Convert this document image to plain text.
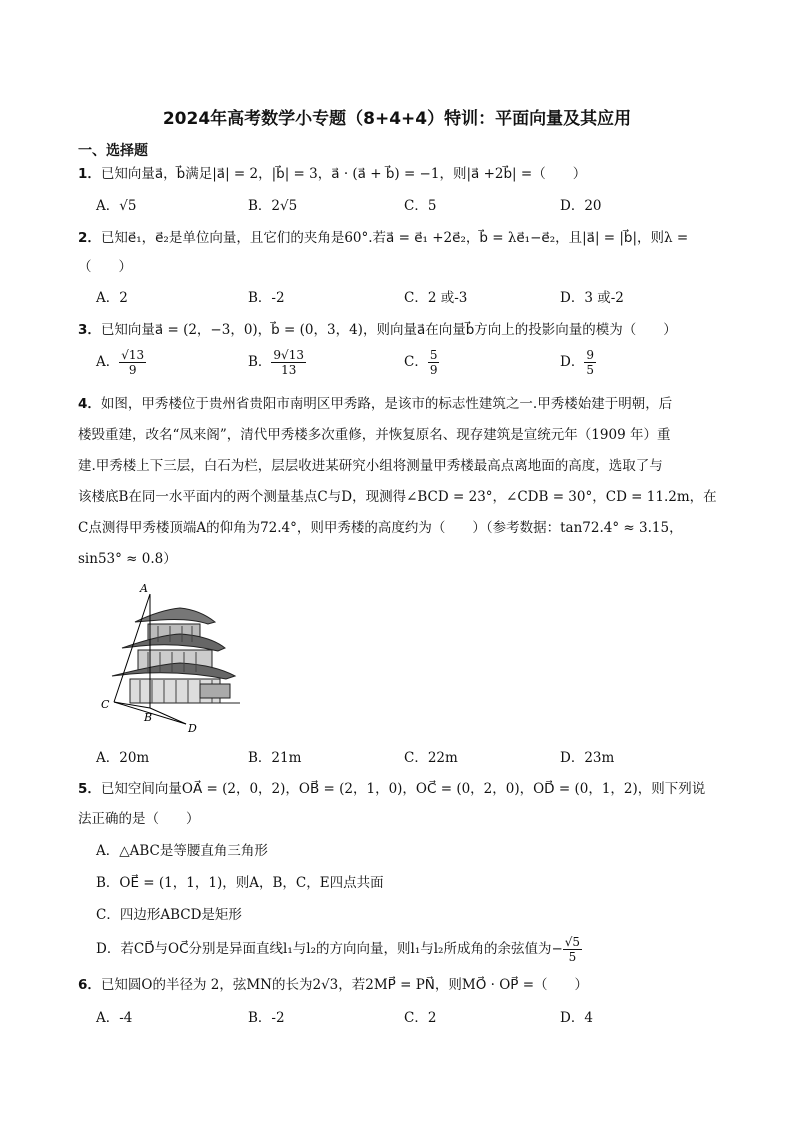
2024年高考数学小专题（8+4+4）特训：平面向量及其应用
一、选择题
1．已知向量a⃗，b⃗满足|a⃗| = 2，|b⃗| = 3，a⃗ · (a⃗ + b⃗) = −1，则|a⃗ +2b⃗| =（　　）
A．√5	B．2√5	C．5	D．20
2．已知e⃗₁，e⃗₂是单位向量，且它们的夹角是60°.若a⃗ = e⃗₁ +2e⃗₂，b⃗ = λe⃗₁−e⃗₂，且|a⃗| = |b⃗|，则λ =
（　　）
A．2	B．-2	C．2 或-3	D．3 或-2
3．已知向量a⃗ = (2，−3，0)，b⃗ = (0，3，4)，则向量a⃗在向量b⃗方向上的投影向量的模为（　　）
A． $\frac{√13}{9}$	B． $\frac{9√13}{13}$	C． $\frac{5}{9}$	D． $\frac{9}{5}$
4．如图，甲秀楼位于贵州省贵阳市南明区甲秀路，是该市的标志性建筑之一.甲秀楼始建于明朝，后
楼毁重建，改名“凤来阁”，清代甲秀楼多次重修，并恢复原名、现存建筑是宣统元年（1909 年）重
建.甲秀楼上下三层，白石为栏，层层收进某研究小组将测量甲秀楼最高点离地面的高度，选取了与
该楼底B在同一水平面内的两个测量基点C与D，现测得∠BCD = 23°，∠CDB = 30°，CD = 11.2m，在
C点测得甲秀楼顶端A的仰角为72.4°，则甲秀楼的高度约为（　　）（参考数据：tan72.4° ≈ 3.15，
sin53° ≈ 0.8）
A
B
C
D
A．20m	B．21m	C．22m	D．23m
5．已知空间向量OA⃗ = (2，0，2)，OB⃗ = (2，1，0)，OC⃗ = (0，2，0)，OD⃗ = (0，1，2)，则下列说
法正确的是（　　）
A．△ABC是等腰直角三角形
B．OE⃗ = (1，1，1)，则A，B，C，E四点共面
C．四边形ABCD是矩形
D．若CD⃗与OC⃗分别是异面直线l₁与l₂的方向向量，则l₁与l₂所成角的余弦值为− $\frac{√5}{5}$
6．已知圆O的半径为 2，弦MN的长为2√3，若2MP⃗ = PN⃗，则MO⃗ · OP⃗ =（　　）
A．-4	B．-2	C．2	D．4
